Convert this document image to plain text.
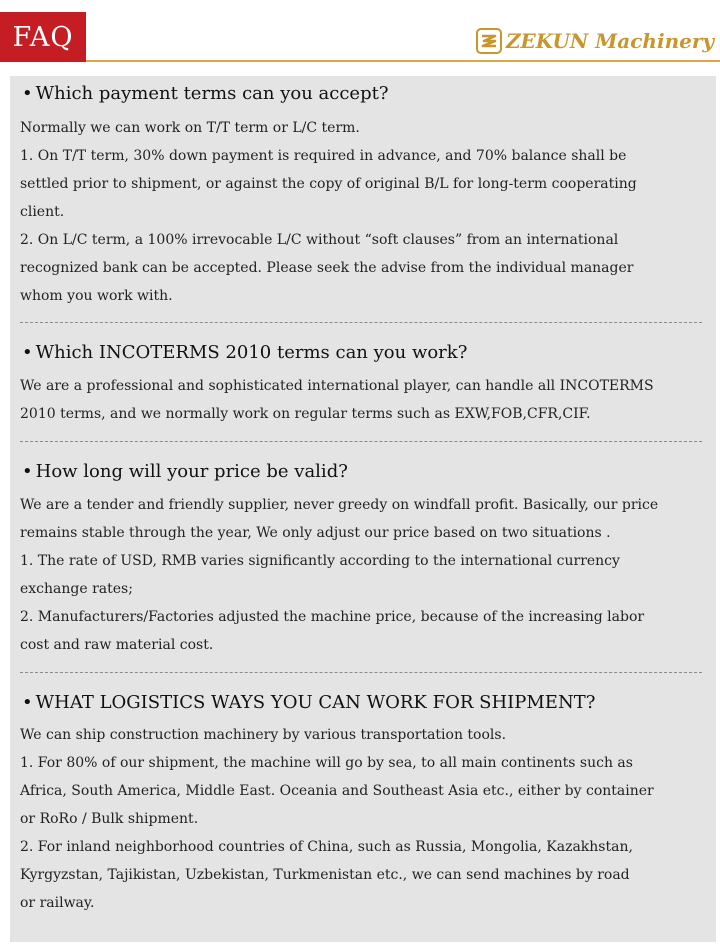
FAQ	ZEKUN Machinery
• Which payment terms can you accept?
Normally we can work on T/T term or L/C term.
1. On T/T term, 30% down payment is required in advance, and 70% balance shall be
settled prior to shipment, or against the copy of original B/L for long-term cooperating
client.
2. On L/C term, a 100% irrevocable L/C without “soft clauses” from an international
recognized bank can be accepted. Please seek the advise from the individual manager
whom you work with.
• Which INCOTERMS 2010 terms can you work?
We are a professional and sophisticated international player, can handle all INCOTERMS
2010 terms, and we normally work on regular terms such as EXW,FOB,CFR,CIF.
• How long will your price be valid?
We are a tender and friendly supplier, never greedy on windfall profit. Basically, our price
remains stable through the year, We only adjust our price based on two situations .
1. The rate of USD, RMB varies significantly according to the international currency
exchange rates;
2. Manufacturers/Factories adjusted the machine price, because of the increasing labor
cost and raw material cost.
• WHAT LOGISTICS WAYS YOU CAN WORK FOR SHIPMENT?
We can ship construction machinery by various transportation tools.
1. For 80% of our shipment, the machine will go by sea, to all main continents such as
Africa, South America, Middle East. Oceania and Southeast Asia etc., either by container
or RoRo / Bulk shipment.
2. For inland neighborhood countries of China, such as Russia, Mongolia, Kazakhstan,
Kyrgyzstan, Tajikistan, Uzbekistan, Turkmenistan etc., we can send machines by road
or railway.
